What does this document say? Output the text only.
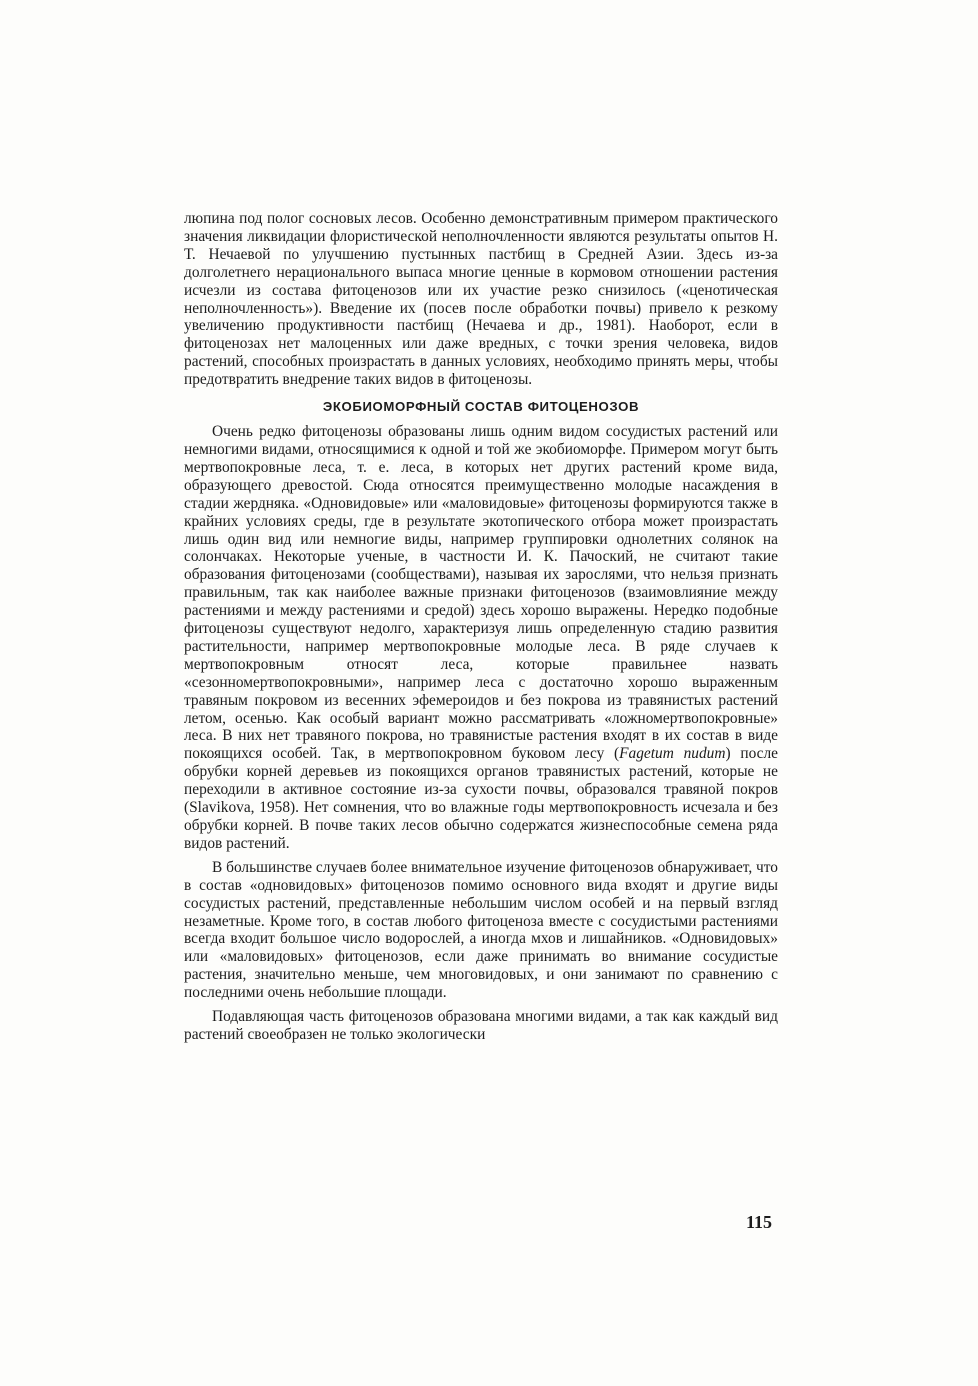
люпина под полог сосновых лесов. Особенно демонстративным примером практического значения ликвидации флористической неполночленности являются результаты опытов Н. Т. Нечаевой по улучшению пустынных пастбищ в Средней Азии. Здесь из-за долголетнего нерационального выпаса многие ценные в кормовом отношении растения исчезли из состава фитоценозов или их участие резко снизилось («ценотическая неполночленность»). Введение их (посев после обработки почвы) привело к резкому увеличению продуктивности пастбищ (Нечаева и др., 1981). Наоборот, если в фитоценозах нет малоценных или даже вредных, с точки зрения человека, видов растений, способных произрастать в данных условиях, необходимо принять меры, чтобы предотвратить внедрение таких видов в фитоценозы.

ЭКОБИОМОРФНЫЙ СОСТАВ ФИТОЦЕНОЗОВ

Очень редко фитоценозы образованы лишь одним видом сосудистых растений или немногими видами, относящимися к одной и той же экобиоморфе. Примером могут быть мертвопокровные леса, т. е. леса, в которых нет других растений кроме вида, образующего древостой. Сюда относятся преимущественно молодые насаждения в стадии жердняка. «Одновидовые» или «маловидовые» фитоценозы формируются также в крайних условиях среды, где в результате экотопического отбора может произрастать лишь один вид или немногие виды, например группировки однолетних солянок на солончаках. Некоторые ученые, в частности И. К. Пачоский, не считают такие образования фитоценозами (сообществами), называя их зарослями, что нельзя признать правильным, так как наиболее важные признаки фитоценозов (взаимовлияние между растениями и между растениями и средой) здесь хорошо выражены. Нередко подобные фитоценозы существуют недолго, характеризуя лишь определенную стадию развития растительности, например мертвопокровные молодые леса. В ряде случаев к мертвопокровным относят леса, которые правильнее назвать «сезонномертвопокровными», например леса с достаточно хорошо выраженным травяным покровом из весенних эфемероидов и без покрова из травянистых растений летом, осенью. Как особый вариант можно рассматривать «ложномертвопокровные» леса. В них нет травяного покрова, но травянистые растения входят в их состав в виде покоящихся особей. Так, в мертвопокровном буковом лесу (Fagetum nudum) после обрубки корней деревьев из покоящихся органов травянистых растений, которые не переходили в активное состояние из-за сухости почвы, образовался травяной покров (Slavikova, 1958). Нет сомнения, что во влажные годы мертвопокровность исчезала и без обрубки корней. В почве таких лесов обычно содержатся жизнеспособные семена ряда видов растений.

В большинстве случаев более внимательное изучение фитоценозов обнаруживает, что в состав «одновидовых» фитоценозов помимо основного вида входят и другие виды сосудистых растений, представленные небольшим числом особей и на первый взгляд незаметные. Кроме того, в состав любого фитоценоза вместе с сосудистыми растениями всегда входит большое число водорослей, а иногда мхов и лишайников. «Одновидовых» или «маловидовых» фитоценозов, если даже принимать во внимание сосудистые растения, значительно меньше, чем многовидовых, и они занимают по сравнению с последними очень небольшие площади.

Подавляющая часть фитоценозов образована многими видами, а так как каждый вид растений своеобразен не только экологически

115
